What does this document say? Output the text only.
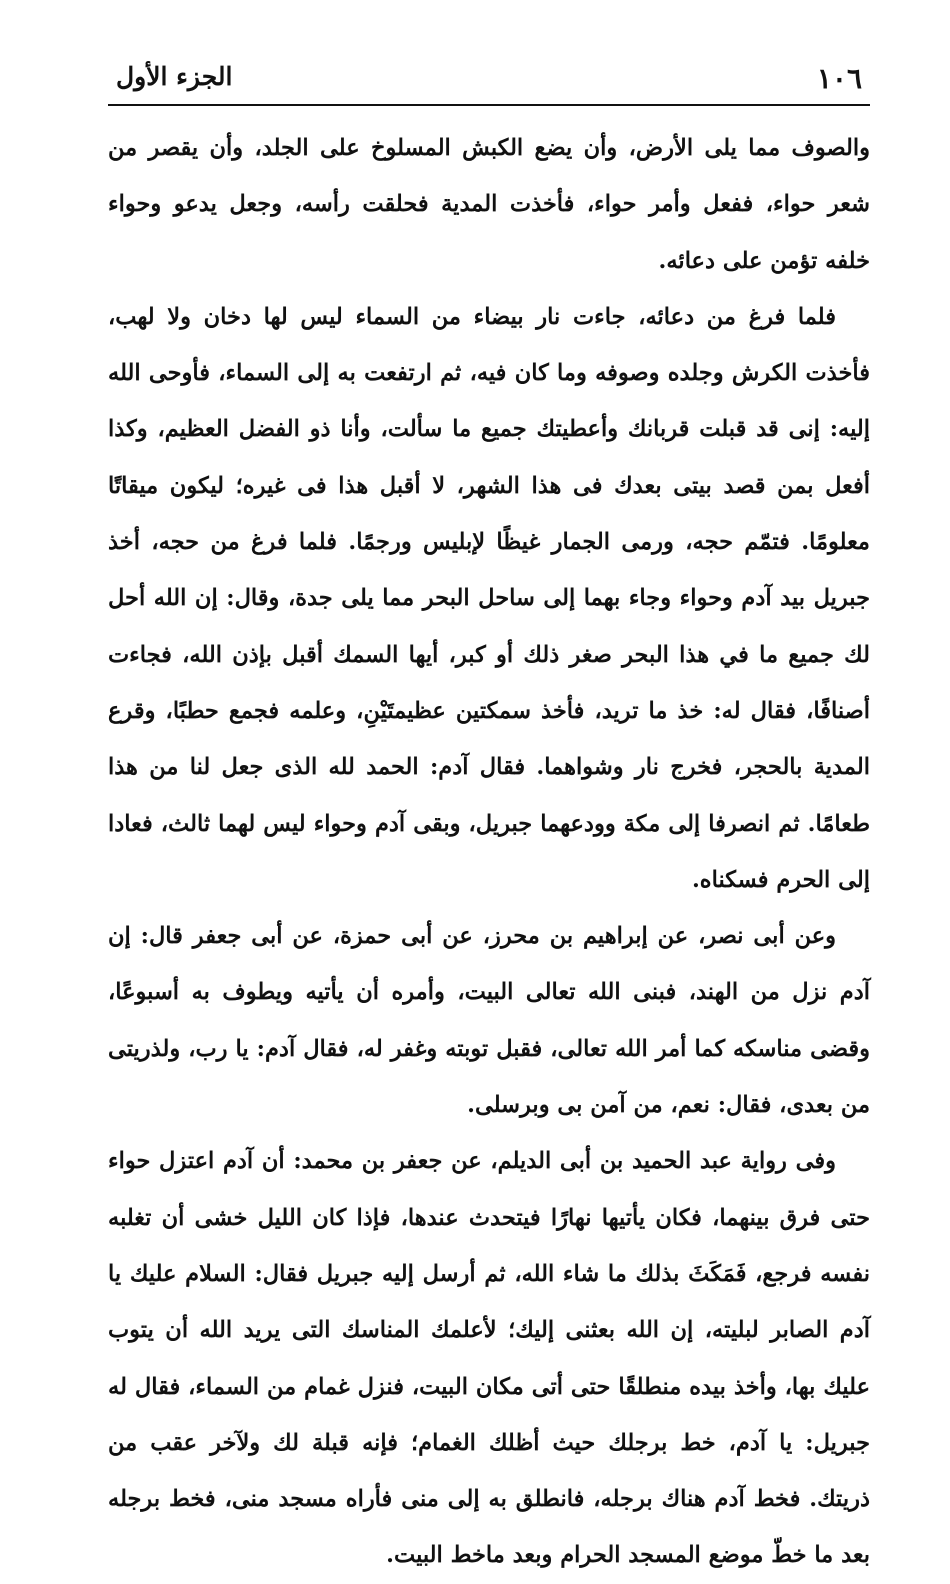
١٠٦
الجزء الأول

والصوف مما يلى الأرض، وأن يضع الكبش المسلوخ على الجلد، وأن يقصر من شعر حواء، ففعل وأمر حواء، فأخذت المدية فحلقت رأسه، وجعل يدعو وحواء خلفه تؤمن على دعائه.

فلما فرغ من دعائه، جاءت نار بيضاء من السماء ليس لها دخان ولا لهب، فأخذت الكرش وجلده وصوفه وما كان فيه، ثم ارتفعت به إلى السماء، فأوحى الله إليه: إنى قد قبلت قربانك وأعطيتك جميع ما سألت، وأنا ذو الفضل العظيم، وكذا أفعل بمن قصد بيتى بعدك فى هذا الشهر، لا أقبل هذا فى غيره؛ ليكون ميقاتًا معلومًا. فتمّم حجه، ورمى الجمار غيظًا لإبليس ورجمًا. فلما فرغ من حجه، أخذ جبريل بيد آدم وحواء وجاء بهما إلى ساحل البحر مما يلى جدة، وقال: إن الله أحل لك جميع ما في هذا البحر صغر ذلك أو كبر، أيها السمك أقبل بإذن الله، فجاءت أصنافًا، فقال له: خذ ما تريد، فأخذ سمكتين عظيمتَيْنِ، وعلمه فجمع حطبًا، وقرع المدية بالحجر، فخرج نار وشواهما. فقال آدم: الحمد لله الذى جعل لنا من هذا طعامًا. ثم انصرفا إلى مكة وودعهما جبريل، وبقى آدم وحواء ليس لهما ثالث، فعادا إلى الحرم فسكناه.

وعن أبى نصر، عن إبراهيم بن محرز، عن أبى حمزة، عن أبى جعفر قال: إن آدم نزل من الهند، فبنى الله تعالى البيت، وأمره أن يأتيه ويطوف به أسبوعًا، وقضى مناسكه كما أمر الله تعالى، فقبل توبته وغفر له، فقال آدم: يا رب، ولذريتى من بعدى، فقال: نعم، من آمن بى وبرسلى.

وفى رواية عبد الحميد بن أبى الديلم، عن جعفر بن محمد: أن آدم اعتزل حواء حتى فرق بينهما، فكان يأتيها نهارًا فيتحدث عندها، فإذا كان الليل خشى أن تغلبه نفسه فرجع، فَمَكَثَ بذلك ما شاء الله، ثم أرسل إليه جبريل فقال: السلام عليك يا آدم الصابر لبليته، إن الله بعثنى إليك؛ لأعلمك المناسك التى يريد الله أن يتوب عليك بها، وأخذ بيده منطلقًا حتى أتى مكان البيت، فنزل غمام من السماء، فقال له جبريل: يا آدم، خط برجلك حيث أظلك الغمام؛ فإنه قبلة لك ولآخر عقب من ذريتك. فخط آدم هناك برجله، فانطلق به إلى منى فأراه مسجد منى، فخط برجله بعد ما خطّ موضع المسجد الحرام وبعد ماخط البيت.
